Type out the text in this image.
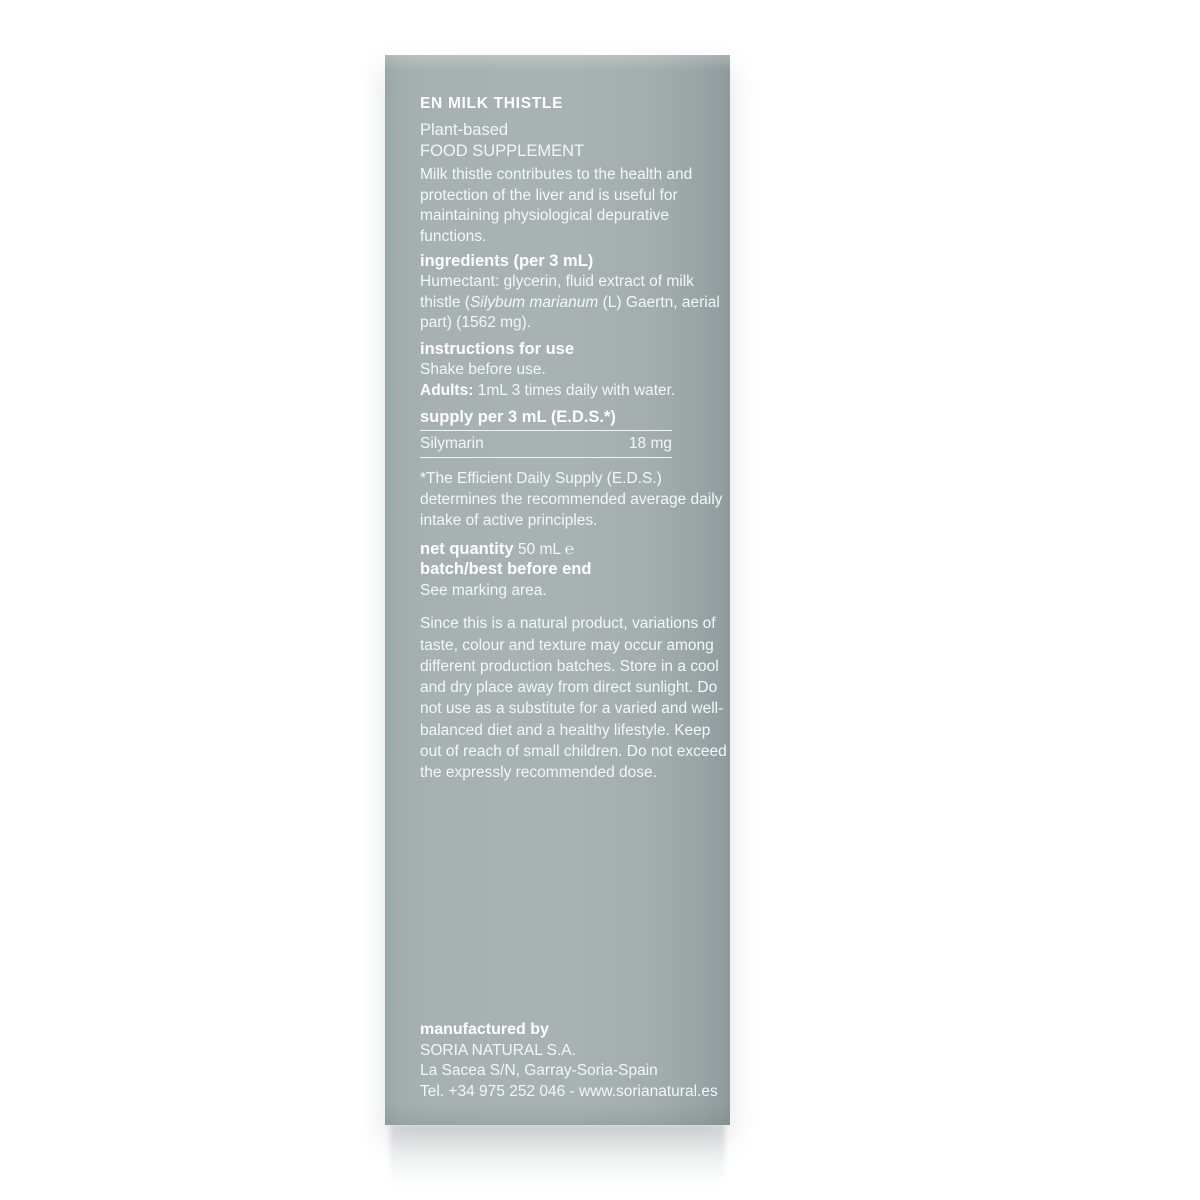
EN MILK THISTLE
Plant-based
FOOD SUPPLEMENT
Milk thistle contributes to the health and protection of the liver and is useful for maintaining physiological depurative functions.
ingredients (per 3 mL)
Humectant: glycerin, fluid extract of milk thistle (Silybum marianum (L) Gaertn, aerial part) (1562 mg).
instructions for use
Shake before use.
Adults: 1mL 3 times daily with water.
supply per 3 mL (E.D.S.*)
Silymarin	18 mg
*The Efficient Daily Supply (E.D.S.) determines the recommended average daily intake of active principles.
net quantity 50 mL ℮
batch/best before end
See marking area.
Since this is a natural product, variations of taste, colour and texture may occur among different production batches. Store in a cool and dry place away from direct sunlight. Do not use as a substitute for a varied and well-balanced diet and a healthy lifestyle. Keep out of reach of small children. Do not exceed the expressly recommended dose.
manufactured by
SORIA NATURAL S.A.
La Sacea S/N, Garray-Soria-Spain
Tel. +34 975 252 046 - www.sorianatural.es
